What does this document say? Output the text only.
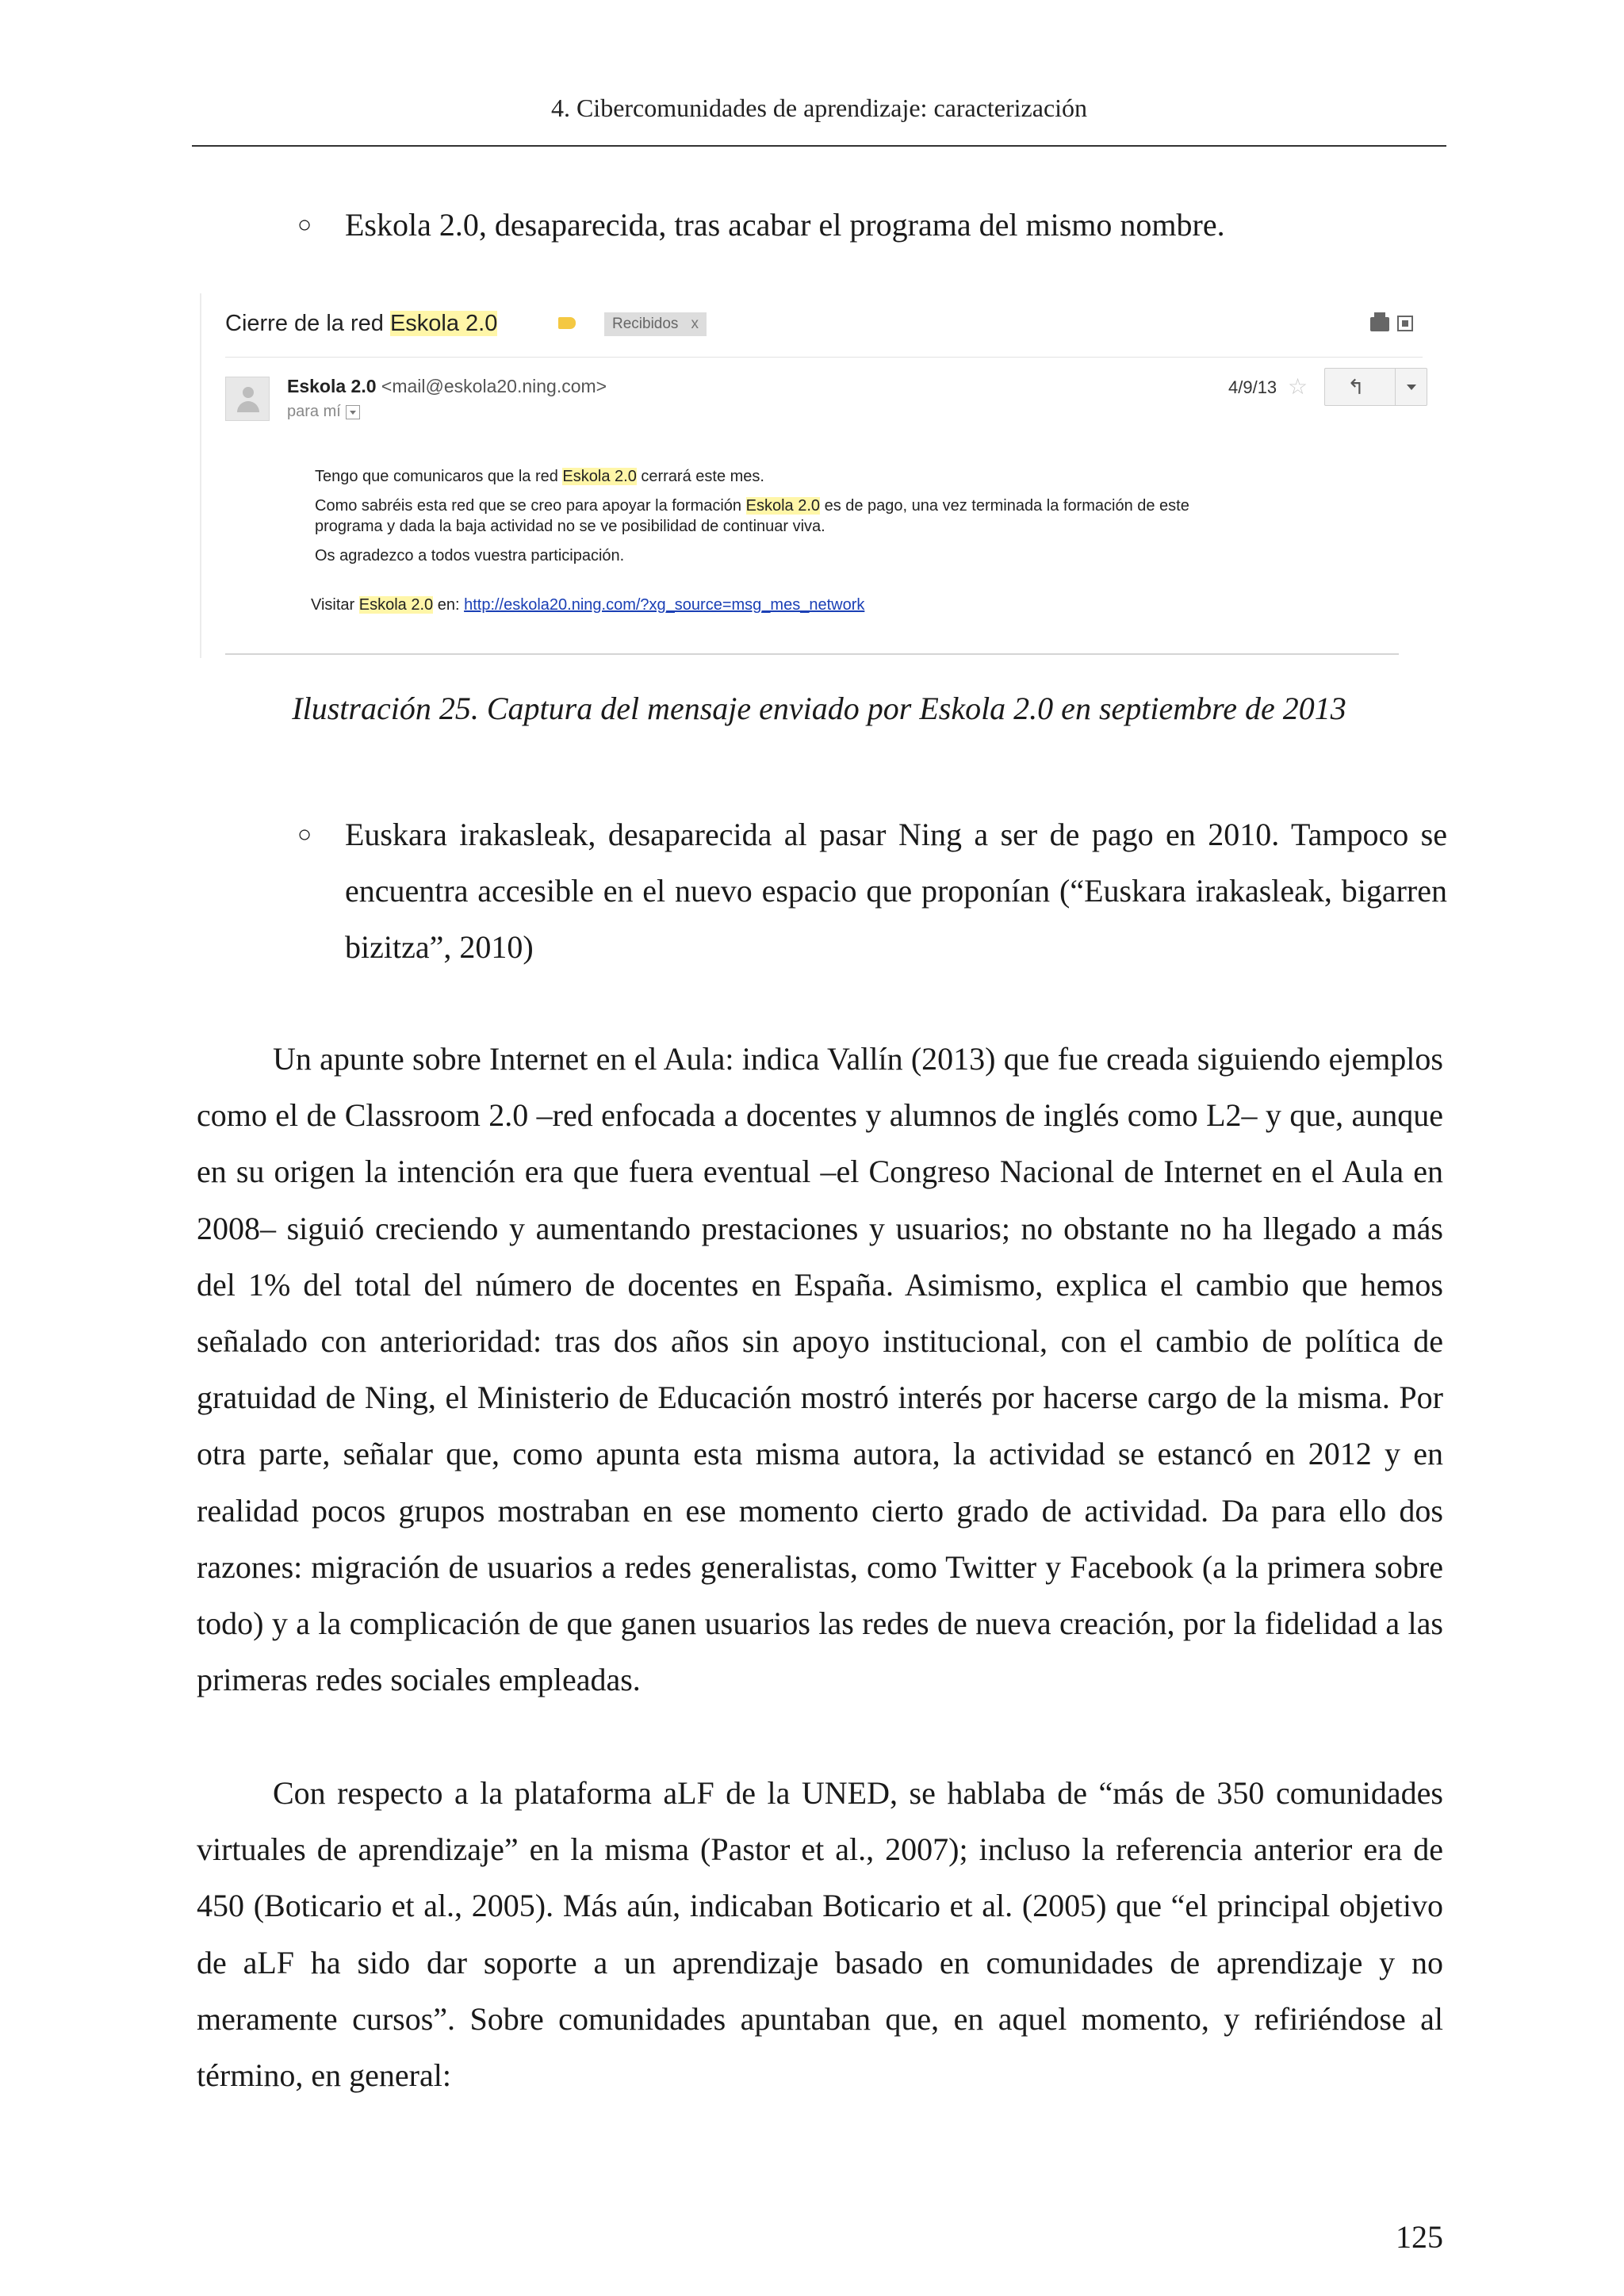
4. Cibercomunidades de aprendizaje: caracterización
○ Eskola 2.0, desaparecida, tras acabar el programa del mismo nombre.
Cierre de la red Eskola 2.0	Recibidos x
Eskola 2.0 <mail@eskola20.ning.com>
para mí
4/9/13 ☆ ↰
Tengo que comunicaros que la red Eskola 2.0 cerrará este mes.
Como sabréis esta red que se creo para apoyar la formación Eskola 2.0 es de pago, una vez terminada la formación de este
programa y dada la baja actividad no se ve posibilidad de continuar viva.
Os agradezco a todos vuestra participación.
Visitar Eskola 2.0 en: http://eskola20.ning.com/?xg_source=msg_mes_network
Ilustración 25. Captura del mensaje enviado por Eskola 2.0 en septiembre de 2013
○ Euskara irakasleak, desaparecida al pasar Ning a ser de pago en 2010. Tampoco se encuentra accesible en el nuevo espacio que proponían (“Euskara irakasleak, bigarren bizitza”, 2010)

Un apunte sobre Internet en el Aula: indica Vallín (2013) que fue creada siguiendo ejemplos como el de Classroom 2.0 –red enfocada a docentes y alumnos de inglés como L2– y que, aunque en su origen la intención era que fuera eventual –el Congreso Nacional de Internet en el Aula en 2008– siguió creciendo y aumentando prestaciones y usuarios; no obstante no ha llegado a más del 1% del total del número de docentes en España. Asimismo, explica el cambio que hemos señalado con anterioridad: tras dos años sin apoyo institucional, con el cambio de política de gratuidad de Ning, el Ministerio de Educación mostró interés por hacerse cargo de la misma. Por otra parte, señalar que, como apunta esta misma autora, la actividad se estancó en 2012 y en realidad pocos grupos mostraban en ese momento cierto grado de actividad. Da para ello dos razones: migración de usuarios a redes generalistas, como Twitter y Facebook (a la primera sobre todo) y a la complicación de que ganen usuarios las redes de nueva creación, por la fidelidad a las primeras redes sociales empleadas.

Con respecto a la plataforma aLF de la UNED, se hablaba de “más de 350 comunidades virtuales de aprendizaje” en la misma (Pastor et al., 2007); incluso la referencia anterior era de 450 (Boticario et al., 2005). Más aún, indicaban Boticario et al. (2005) que “el principal objetivo de aLF ha sido dar soporte a un aprendizaje basado en comunidades de aprendizaje y no meramente cursos”. Sobre comunidades apuntaban que, en aquel momento, y refiriéndose al término, en general:

125
